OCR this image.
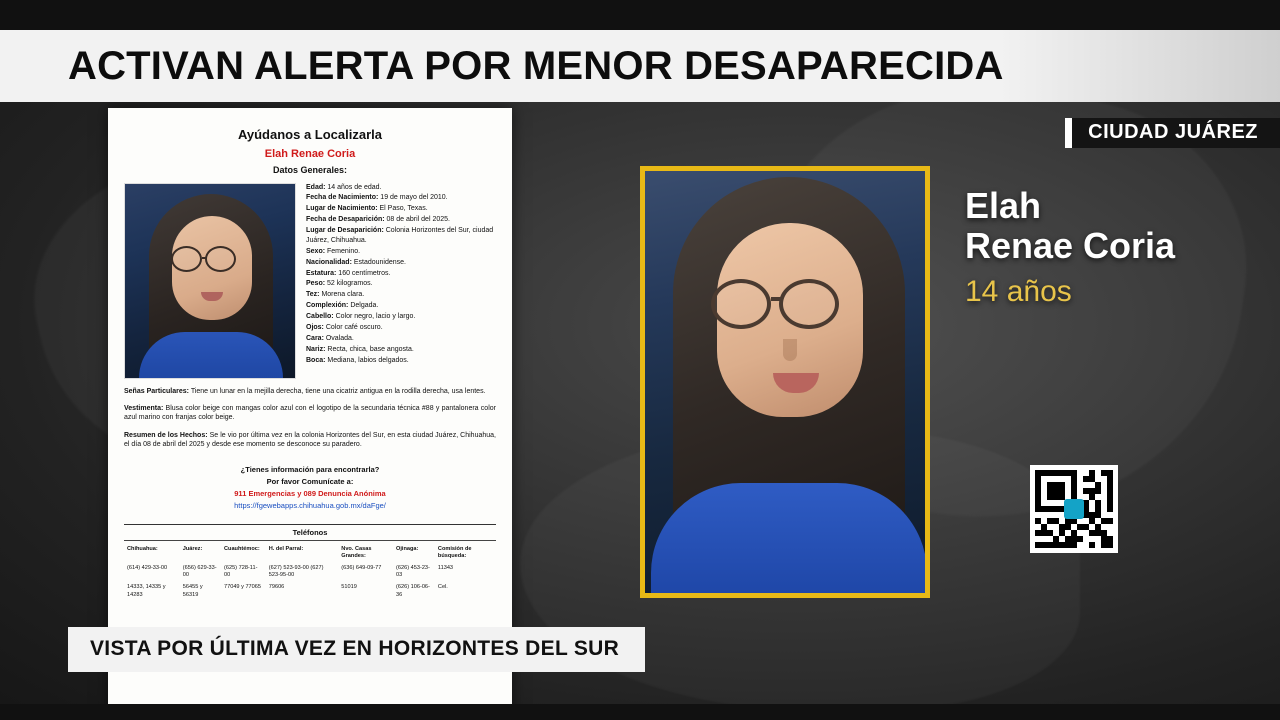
ACTIVAN ALERTA POR MENOR DESAPARECIDA
CIUDAD JUÁREZ
Ayúdanos a Localizarla
Elah Renae Coria
Datos Generales:
Edad: 14 años de edad.
Fecha de Nacimiento: 19 de mayo del 2010.
Lugar de Nacimiento: El Paso, Texas.
Fecha de Desaparición: 08 de abril del 2025.
Lugar de Desaparición: Colonia Horizontes del Sur, ciudad Juárez, Chihuahua.
Sexo: Femenino.
Nacionalidad: Estadounidense.
Estatura: 160 centímetros.
Peso: 52 kilogramos.
Tez: Morena clara.
Complexión: Delgada.
Cabello: Color negro, lacio y largo.
Ojos: Color café oscuro.
Cara: Ovalada.
Nariz: Recta, chica, base angosta.
Boca: Mediana, labios delgados.
Señas Particulares: Tiene un lunar en la mejilla derecha, tiene una cicatriz antigua en la rodilla derecha, usa lentes.
Vestimenta: Blusa color beige con mangas color azul con el logotipo de la secundaria técnica #88 y pantalonera color azul marino con franjas color beige.
Resumen de los Hechos: Se le vio por última vez en la colonia Horizontes del Sur, en esta ciudad Juárez, Chihuahua, el día 08 de abril del 2025 y desde ese momento se desconoce su paradero.
¿Tienes información para encontrarla?
Por favor Comunícate a:
911 Emergencias y 089 Denuncia Anónima
https://fgewebapps.chihuahua.gob.mx/daFge/
Teléfonos
Chihuahua:	Juárez:	Cuauhtémoc:	H. del Parral:	Nvo. Casas Grandes:	Ojinaga:	Comisión de búsqueda:
(614) 429-33-00	(656) 629-33-00	(625) 728-11-00	(627) 523-93-00 (627) 523-95-00	(636) 649-09-77	(626) 453-23-03	11343
14333, 14335 y 14283	56455 y 56319	77049 y 77065	79606	51019	(626) 106-06-36	Cel.
Elah
Renae Coria
14 años
VISTA POR ÚLTIMA VEZ EN HORIZONTES DEL SUR
